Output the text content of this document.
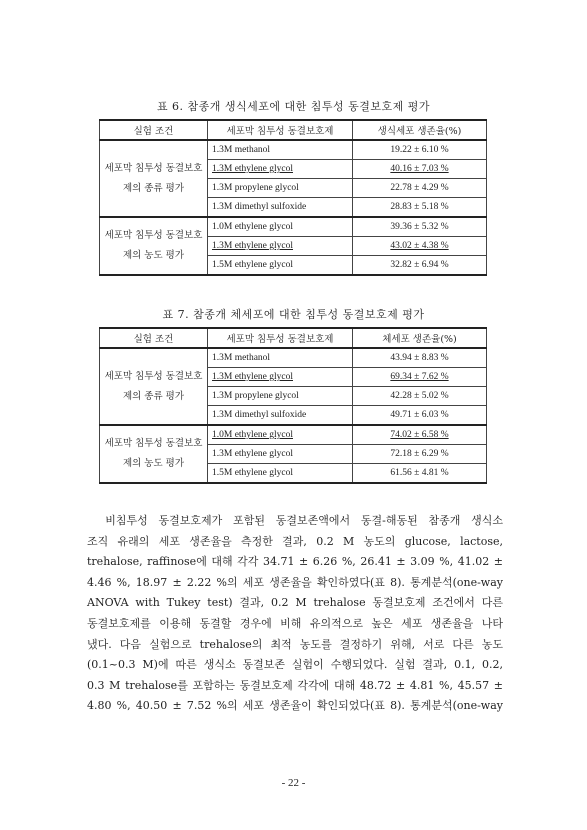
표 6. 참종개 생식세포에 대한 침투성 동결보호제 평가
실험 조건	세포막 침투성 동결보호제	생식세포 생존율(%)
세포막 침투성 동결보호제의 종류 평가	1.3M methanol	19.22 ± 6.10 %
	1.3M ethylene glycol	40.16 ± 7.03 %
	1.3M propylene glycol	22.78 ± 4.29 %
	1.3M dimethyl sulfoxide	28.83 ± 5.18 %
세포막 침투성 동결보호제의 농도 평가	1.0M ethylene glycol	39.36 ± 5.32 %
	1.3M ethylene glycol	43.02 ± 4.38 %
	1.5M ethylene glycol	32.82 ± 6.94 %
표 7. 참종개 체세포에 대한 침투성 동결보호제 평가
실험 조건	세포막 침투성 동결보호제	체세포 생존율(%)
세포막 침투성 동결보호제의 종류 평가	1.3M methanol	43.94 ± 8.83 %
	1.3M ethylene glycol	69.34 ± 7.62 %
	1.3M propylene glycol	42.28 ± 5.02 %
	1.3M dimethyl sulfoxide	49.71 ± 6.03 %
세포막 침투성 동결보호제의 농도 평가	1.0M ethylene glycol	74.02 ± 6.58 %
	1.3M ethylene glycol	72.18 ± 6.29 %
	1.5M ethylene glycol	61.56 ± 4.81 %

　비침투성 동결보호제가 포함된 동결보존액에서 동결-해동된 참종개 생식소
조직 유래의 세포 생존율을 측정한 결과, 0.2 M 농도의 glucose, lactose,
trehalose, raffinose에 대해 각각 34.71 ± 6.26 %, 26.41 ± 3.09 %, 41.02 ±
4.46 %, 18.97 ± 2.22 %의 세포 생존율을 확인하였다(표 8). 통계분석(one-way
ANOVA with Tukey test) 결과, 0.2 M trehalose 동결보호제 조건에서 다른
동결보호제를 이용해 동결할 경우에 비해 유의적으로 높은 세포 생존율을 나타
냈다. 다음 실험으로 trehalose의 최적 농도를 결정하기 위해, 서로 다른 농도
(0.1~0.3 M)에 따른 생식소 동결보존 실험이 수행되었다. 실험 결과, 0.1, 0.2,
0.3 M trehalose를 포함하는 동결보호제 각각에 대해 48.72 ± 4.81 %, 45.57 ±
4.80 %, 40.50 ± 7.52 %의 세포 생존율이 확인되었다(표 8). 통계분석(one-way

- 22 -
